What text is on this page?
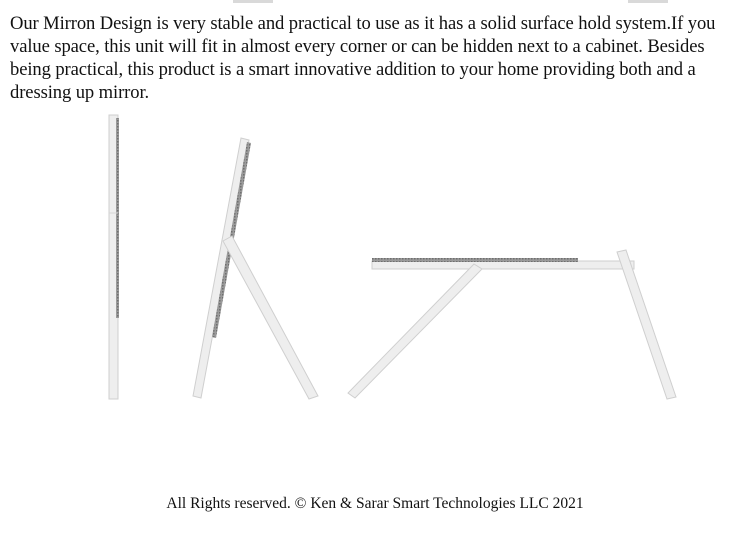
Our Mirron Design is very stable and practical to use as it has a solid surface hold system.If you value space, this unit will fit in almost every corner or can be hidden next to a cabinet. Besides being practical, this product is a smart innovative addition to your home providing both and a dressing up mirror.

All Rights reserved. © Ken & Sarar Smart Technologies LLC 2021
